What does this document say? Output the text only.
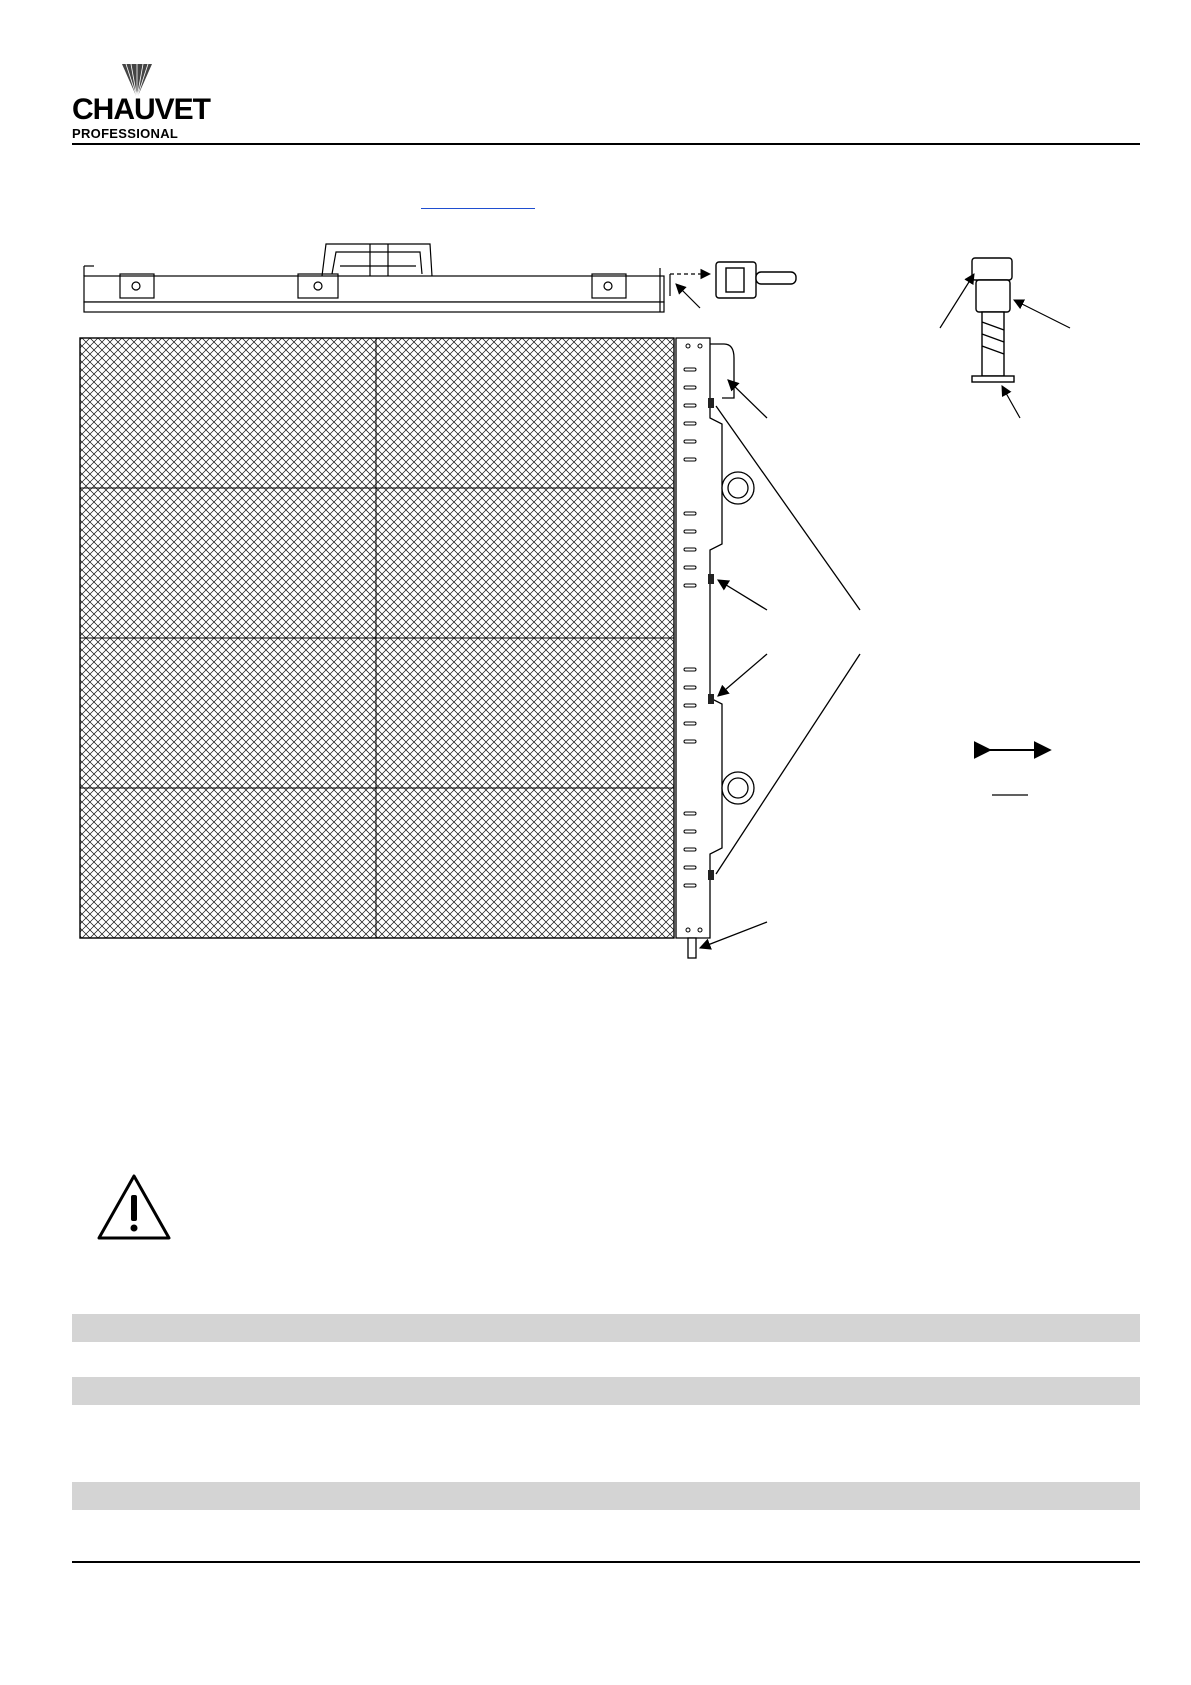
CHAUVET
PROFESSIONAL
